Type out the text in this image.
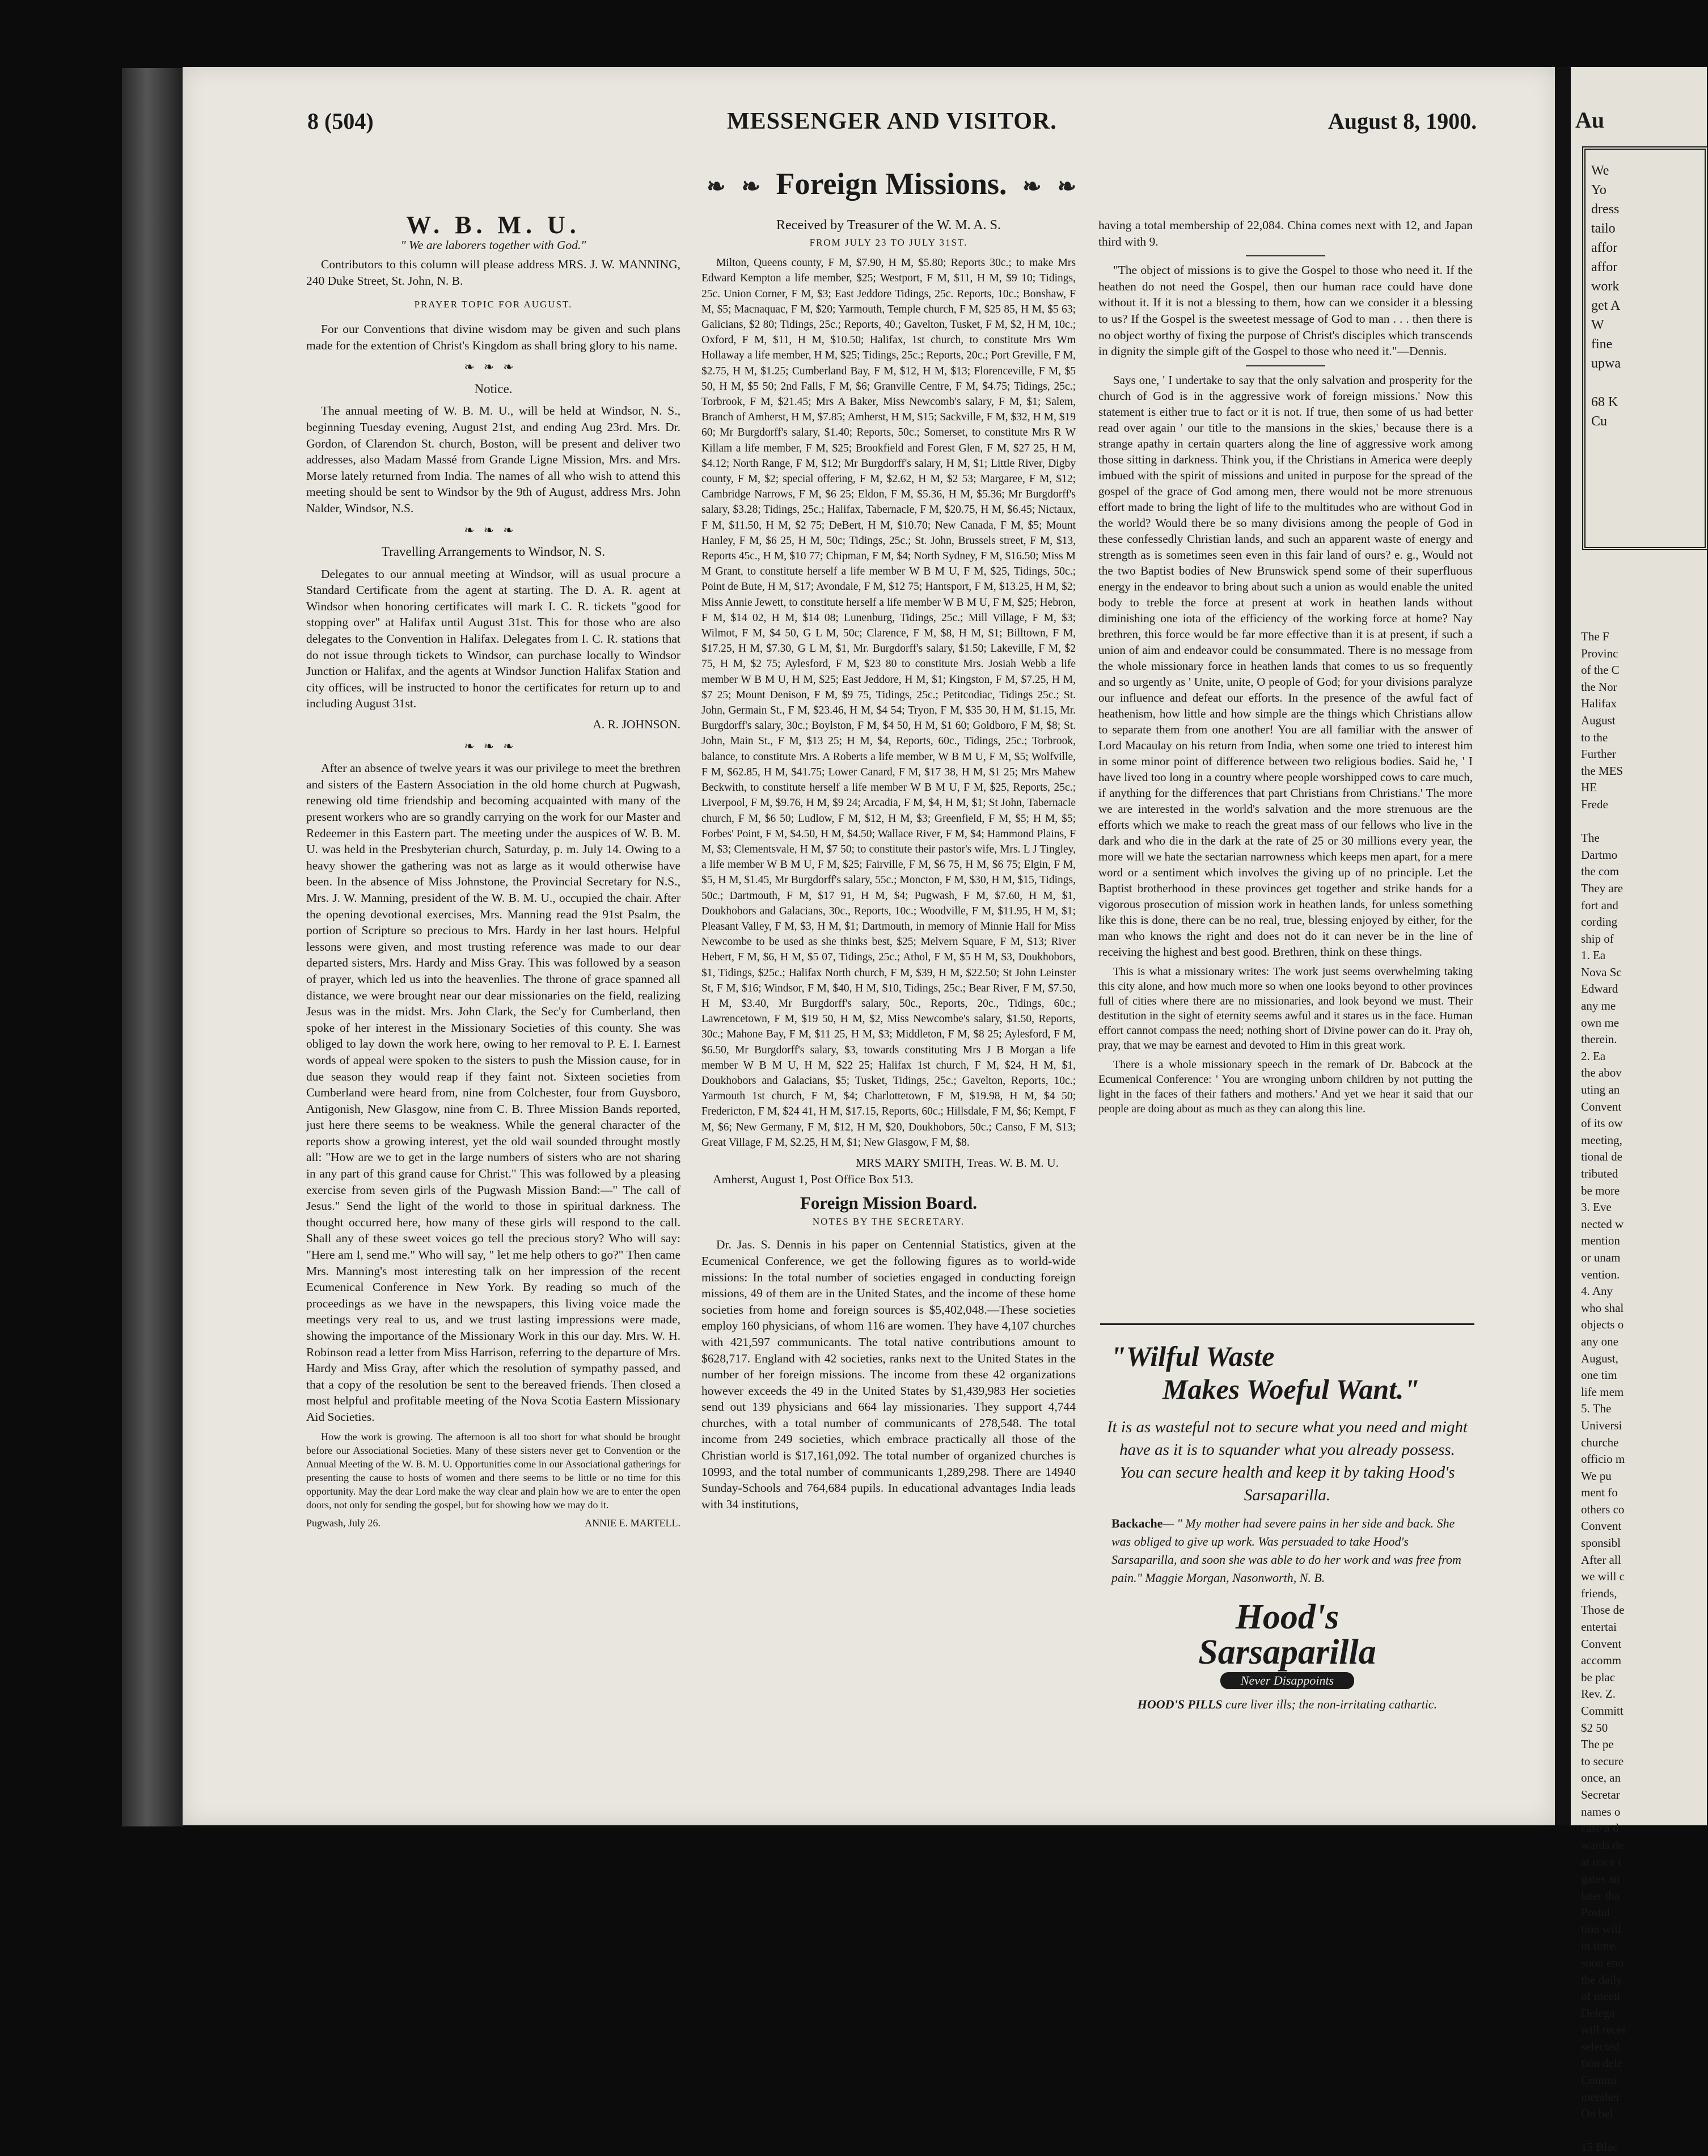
8 (504)	MESSENGER AND VISITOR.	August 8, 1900.
❧ ❧ Foreign Missions. ❧ ❧
W. B. M. U.
" We are laborers together with God."

Contributors to this column will please address MRS. J. W. MANNING, 240 Duke Street, St. John, N. B.

PRAYER TOPIC FOR AUGUST.

For our Conventions that divine wisdom may be given and such plans made for the extention of Christ's Kingdom as shall bring glory to his name.

❧❧❧
Notice.

The annual meeting of W. B. M. U., will be held at Windsor, N. S., beginning Tuesday evening, August 21st, and ending Aug 23rd. Mrs. Dr. Gordon, of Clarendon St. church, Boston, will be present and deliver two addresses, also Madam Massé from Grande Ligne Mission, Mrs. and Mrs. Morse lately returned from India. The names of all who wish to attend this meeting should be sent to Windsor by the 9th of August, address Mrs. John Nalder, Windsor, N.S.

❧❧❧
Travelling Arrangements to Windsor, N. S.

Delegates to our annual meeting at Windsor, will as usual procure a Standard Certificate from the agent at starting. The D. A. R. agent at Windsor when honoring certificates will mark I. C. R. tickets "good for stopping over" at Halifax until August 31st. This for those who are also delegates to the Convention in Halifax. Delegates from I. C. R. stations that do not issue through tickets to Windsor, can purchase locally to Windsor Junction or Halifax, and the agents at Windsor Junction Halifax Station and city offices, will be instructed to honor the certificates for return up to and including August 31st.

A. R. JOHNSON.
❧❧❧

After an absence of twelve years it was our privilege to meet the brethren and sisters of the Eastern Association in the old home church at Pugwash, renewing old time friendship and becoming acquainted with many of the present workers who are so grandly carrying on the work for our Master and Redeemer in this Eastern part. The meeting under the auspices of W. B. M. U. was held in the Presbyterian church, Saturday, p. m. July 14. Owing to a heavy shower the gathering was not as large as it would otherwise have been. In the absence of Miss Johnstone, the Provincial Secretary for N.S., Mrs. J. W. Manning, president of the W. B. M. U., occupied the chair. After the opening devotional exercises, Mrs. Manning read the 91st Psalm, the portion of Scripture so precious to Mrs. Hardy in her last hours. Helpful lessons were given, and most trusting reference was made to our dear departed sisters, Mrs. Hardy and Miss Gray. This was followed by a season of prayer, which led us into the heavenlies. The throne of grace spanned all distance, we were brought near our dear missionaries on the field, realizing Jesus was in the midst. Mrs. John Clark, the Sec'y for Cumberland, then spoke of her interest in the Missionary Societies of this county. She was obliged to lay down the work here, owing to her removal to P. E. I. Earnest words of appeal were spoken to the sisters to push the Mission cause, for in due season they would reap if they faint not. Sixteen societies from Cumberland were heard from, nine from Colchester, four from Guysboro, Antigonish, New Glasgow, nine from C. B. Three Mission Bands reported, just here there seems to be weakness. While the general character of the reports show a growing interest, yet the old wail sounded throught mostly all: "How are we to get in the large numbers of sisters who are not sharing in any part of this grand cause for Christ." This was followed by a pleasing exercise from seven girls of the Pugwash Mission Band:—" The call of Jesus." Send the light of the world to those in spiritual darkness. The thought occurred here, how many of these girls will respond to the call. Shall any of these sweet voices go tell the precious story? Who will say: "Here am I, send me." Who will say, " let me help others to go?" Then came Mrs. Manning's most interesting talk on her impression of the recent Ecumenical Conference in New York. By reading so much of the proceedings as we have in the newspapers, this living voice made the meetings very real to us, and we trust lasting impressions were made, showing the importance of the Missionary Work in this our day. Mrs. W. H. Robinson read a letter from Miss Harrison, referring to the departure of Mrs. Hardy and Miss Gray, after which the resolution of sympathy passed, and that a copy of the resolution be sent to the bereaved friends. Then closed a most helpful and profitable meeting of the Nova Scotia Eastern Missionary Aid Societies.

How the work is growing. The afternoon is all too short for what should be brought before our Associational Societies. Many of these sisters never get to Convention or the Annual Meeting of the W. B. M. U. Opportunities come in our Associational gatherings for presenting the cause to hosts of women and there seems to be little or no time for this opportunity. May the dear Lord make the way clear and plain how we are to enter the open doors, not only for sending the gospel, but for showing how we may do it.

Pugwash, July 26.	ANNIE E. MARTELL.
Received by Treasurer of the W. M. A. S.
FROM JULY 23 TO JULY 31ST.

Milton, Queens county, F M, $7.90, H M, $5.80; Reports 30c.; to make Mrs Edward Kempton a life member, $25; Westport, F M, $11, H M, $9 10; Tidings, 25c. Union Corner, F M, $3; East Jeddore Tidings, 25c. Reports, 10c.; Bonshaw, F M, $5; Macnaquac, F M, $20; Yarmouth, Temple church, F M, $25 85, H M, $5 63; Galicians, $2 80; Tidings, 25c.; Reports, 40.; Gavelton, Tusket, F M, $2, H M, 10c.; Oxford, F M, $11, H M, $10.50; Halifax, 1st church, to constitute Mrs Wm Hollaway a life member, H M, $25; Tidings, 25c.; Reports, 20c.; Port Greville, F M, $2.75, H M, $1.25; Cumberland Bay, F M, $12, H M, $13; Florenceville, F M, $5 50, H M, $5 50; 2nd Falls, F M, $6; Granville Centre, F M, $4.75; Tidings, 25c.; Torbrook, F M, $21.45; Mrs A Baker, Miss Newcomb's salary, F M, $1; Salem, Branch of Amherst, H M, $7.85; Amherst, H M, $15; Sackville, F M, $32, H M, $19 60; Mr Burgdorff's salary, $1.40; Reports, 50c.; Somerset, to constitute Mrs R W Killam a life member, F M, $25; Brookfield and Forest Glen, F M, $27 25, H M, $4.12; North Range, F M, $12; Mr Burgdorff's salary, H M, $1; Little River, Digby county, F M, $2; special offering, F M, $2.62, H M, $2 53; Margaree, F M, $12; Cambridge Narrows, F M, $6 25; Eldon, F M, $5.36, H M, $5.36; Mr Burgdorff's salary, $3.28; Tidings, 25c.; Halifax, Tabernacle, F M, $20.75, H M, $6.45; Nictaux, F M, $11.50, H M, $2 75; DeBert, H M, $10.70; New Canada, F M, $5; Mount Hanley, F M, $6 25, H M, 50c; Tidings, 25c.; St. John, Brussels street, F M, $13, Reports 45c., H M, $10 77; Chipman, F M, $4; North Sydney, F M, $16.50; Miss M M Grant, to constitute herself a life member W B M U, F M, $25, Tidings, 50c.; Point de Bute, H M, $17; Avondale, F M, $12 75; Hantsport, F M, $13.25, H M, $2; Miss Annie Jewett, to constitute herself a life member W B M U, F M, $25; Hebron, F M, $14 02, H M, $14 08; Lunenburg, Tidings, 25c.; Mill Village, F M, $3; Wilmot, F M, $4 50, G L M, 50c; Clarence, F M, $8, H M, $1; Billtown, F M, $17.25, H M, $7.30, G L M, $1, Mr. Burgdorff's salary, $1.50; Lakeville, F M, $2 75, H M, $2 75; Aylesford, F M, $23 80 to constitute Mrs. Josiah Webb a life member W B M U, H M, $25; East Jeddore, H M, $1; Kingston, F M, $7.25, H M, $7 25; Mount Denison, F M, $9 75, Tidings, 25c.; Petitcodiac, Tidings 25c.; St. John, Germain St., F M, $23.46, H M, $4 54; Tryon, F M, $35 30, H M, $1.15, Mr. Burgdorff's salary, 30c.; Boylston, F M, $4 50, H M, $1 60; Goldboro, F M, $8; St. John, Main St., F M, $13 25; H M, $4, Reports, 60c., Tidings, 25c.; Torbrook, balance, to constitute Mrs. A Roberts a life member, W B M U, F M, $5; Wolfville, F M, $62.85, H M, $41.75; Lower Canard, F M, $17 38, H M, $1 25; Mrs Mahew Beckwith, to constitute herself a life member W B M U, F M, $25, Reports, 25c.; Liverpool, F M, $9.76, H M, $9 24; Arcadia, F M, $4, H M, $1; St John, Tabernacle church, F M, $6 50; Ludlow, F M, $12, H M, $3; Greenfield, F M, $5; H M, $5; Forbes' Point, F M, $4.50, H M, $4.50; Wallace River, F M, $4; Hammond Plains, F M, $3; Clementsvale, H M, $7 50; to constitute their pastor's wife, Mrs. L J Tingley, a life member W B M U, F M, $25; Fairville, F M, $6 75, H M, $6 75; Elgin, F M, $5, H M, $1.45, Mr Burgdorff's salary, 55c.; Moncton, F M, $30, H M, $15, Tidings, 50c.; Dartmouth, F M, $17 91, H M, $4; Pugwash, F M, $7.60, H M, $1, Doukhobors and Galacians, 30c., Reports, 10c.; Woodville, F M, $11.95, H M, $1; Pleasant Valley, F M, $3, H M, $1; Dartmouth, in memory of Minnie Hall for Miss Newcombe to be used as she thinks best, $25; Melvern Square, F M, $13; River Hebert, F M, $6, H M, $5 07, Tidings, 25c.; Athol, F M, $5 H M, $3, Doukhobors, $1, Tidings, $25c.; Halifax North church, F M, $39, H M, $22.50; St John Leinster St, F M, $16; Windsor, F M, $40, H M, $10, Tidings, 25c.; Bear River, F M, $7.50, H M, $3.40, Mr Burgdorff's salary, 50c., Reports, 20c., Tidings, 60c.; Lawrencetown, F M, $19 50, H M, $2, Miss Newcombe's salary, $1.50, Reports, 30c.; Mahone Bay, F M, $11 25, H M, $3; Middleton, F M, $8 25; Aylesford, F M, $6.50, Mr Burgdorff's salary, $3, towards constituting Mrs J B Morgan a life member W B M U, H M, $22 25; Halifax 1st church, F M, $24, H M, $1, Doukhobors and Galacians, $5; Tusket, Tidings, 25c.; Gavelton, Reports, 10c.; Yarmouth 1st church, F M, $4; Charlottetown, F M, $19.98, H M, $4 50; Fredericton, F M, $24 41, H M, $17.15, Reports, 60c.; Hillsdale, F M, $6; Kempt, F M, $6; New Germany, F M, $12, H M, $20, Doukhobors, 50c.; Canso, F M, $13; Great Village, F M, $2.25, H M, $1; New Glasgow, F M, $8.

MRS MARY SMITH, Treas. W. B. M. U.
Amherst, August 1, Post Office Box 513.
Foreign Mission Board.
NOTES BY THE SECRETARY.

Dr. Jas. S. Dennis in his paper on Centennial Statistics, given at the Ecumenical Conference, we get the following figures as to world-wide missions: In the total number of societies engaged in conducting foreign missions, 49 of them are in the United States, and the income of these home societies from home and foreign sources is $5,402,048.—These societies employ 160 physicians, of whom 116 are women. They have 4,107 churches with 421,597 communicants. The total native contributions amount to $628,717. England with 42 societies, ranks next to the United States in the number of her foreign missions. The income from these 42 organizations however exceeds the 49 in the United States by $1,439,983 Her societies send out 139 physicians and 664 lay missionaries. They support 4,744 churches, with a total number of communicants of 278,548. The total income from 249 societies, which embrace practically all those of the Christian world is $17,161,092. The total number of organized churches is 10993, and the total number of communicants 1,289,298. There are 14940 Sunday-Schools and 764,684 pupils. In educational advantages India leads with 34 institutions,

having a total membership of 22,084. China comes next with 12, and Japan third with 9.

"The object of missions is to give the Gospel to those who need it. If the heathen do not need the Gospel, then our human race could have done without it. If it is not a blessing to them, how can we consider it a blessing to us? If the Gospel is the sweetest message of God to man . . . then there is no object worthy of fixing the purpose of Christ's disciples which transcends in dignity the simple gift of the Gospel to those who need it."—Dennis.

Says one, ' I undertake to say that the only salvation and prosperity for the church of God is in the aggressive work of foreign missions.' Now this statement is either true to fact or it is not. If true, then some of us had better read over again ' our title to the mansions in the skies,' because there is a strange apathy in certain quarters along the line of aggressive work among those sitting in darkness. Think you, if the Christians in America were deeply imbued with the spirit of missions and united in purpose for the spread of the gospel of the grace of God among men, there would not be more strenuous effort made to bring the light of life to the multitudes who are without God in the world? Would there be so many divisions among the people of God in these confessedly Christian lands, and such an apparent waste of energy and strength as is sometimes seen even in this fair land of ours? e. g., Would not the two Baptist bodies of New Brunswick spend some of their superfluous energy in the endeavor to bring about such a union as would enable the united body to treble the force at present at work in heathen lands without diminishing one iota of the efficiency of the working force at home? Nay brethren, this force would be far more effective than it is at present, if such a union of aim and endeavor could be consummated. There is no message from the whole missionary force in heathen lands that comes to us so frequently and so urgently as ' Unite, unite, O people of God; for your divisions paralyze our influence and defeat our efforts. In the presence of the awful fact of heathenism, how little and how simple are the things which Christians allow to separate them from one another! You are all familiar with the answer of Lord Macaulay on his return from India, when some one tried to interest him in some minor point of difference between two religious bodies. Said he, ' I have lived too long in a country where people worshipped cows to care much, if anything for the differences that part Christians from Christians.' The more we are interested in the world's salvation and the more strenuous are the efforts which we make to reach the great mass of our fellows who live in the dark and who die in the dark at the rate of 25 or 30 millions every year, the more will we hate the sectarian narrowness which keeps men apart, for a mere word or a sentiment which involves the giving up of no principle. Let the Baptist brotherhood in these provinces get together and strike hands for a vigorous prosecution of mission work in heathen lands, for unless something like this is done, there can be no real, true, blessing enjoyed by either, for the man who knows the right and does not do it can never be in the line of receiving the highest and best good. Brethren, think on these things.

This is what a missionary writes: The work just seems overwhelming taking this city alone, and how much more so when one looks beyond to other provinces full of cities where there are no missionaries, and look beyond we must. Their destitution in the sight of eternity seems awful and it stares us in the face. Human effort cannot compass the need; nothing short of Divine power can do it. Pray oh, pray, that we may be earnest and devoted to Him in this great work.

There is a whole missionary speech in the remark of Dr. Babcock at the Ecumenical Conference: ' You are wronging unborn children by not putting the light in the faces of their fathers and mothers.' And yet we hear it said that our people are doing about as much as they can along this line.

"Wilful Waste
Makes Woeful Want."
It is as wasteful not to secure what you need and might have as it is to squander what you already possess. You can secure health and keep it by taking Hood's Sarsaparilla.
Backache— " My mother had severe pains in her side and back. She was obliged to give up work. Was persuaded to take Hood's Sarsaparilla, and soon she was able to do her work and was free from pain." Maggie Morgan, Nasonworth, N. B.
Hood's Sarsaparilla
Never Disappoints
HOOD'S PILLS cure liver ills; the non-irritating cathartic.
Au
We
Yo
dress
tailo
affor
affor
work
get A
W
fine
upwa

68 K
Cu
The F
Provinc
of the C
the Nor
Halifax
August
to the
Further
the MES
HE
Frede

The
Dartmo
the com
They are
fort and
cording
ship of
1. Ea
Nova Sc
Edward
any me
own me
therein.
2. Ea
the abov
uting an
Convent
of its ow
meeting,
tional de
tributed
be more
3. Eve
nected w
mention
or unam
vention.
4. Any
who shal
objects o
any one
August,
one tim
life mem
5. The
Universi
churche
officio m
We pu
ment fo
others co
Convent
sponsibl
After all
we will c
friends,
Those de
entertai
Convent
accomm
be plac
Rev. Z.
Committ
$2 50
The pe
to secure
once, an
Secretar
names o
case a d
wards de
at once t
gates an
later tha
Postal
tion will
in time.
soon eno
the daily
of meeti
Delega
will recei
selected
tion dele
Commi
member
On bel

15 Blac
